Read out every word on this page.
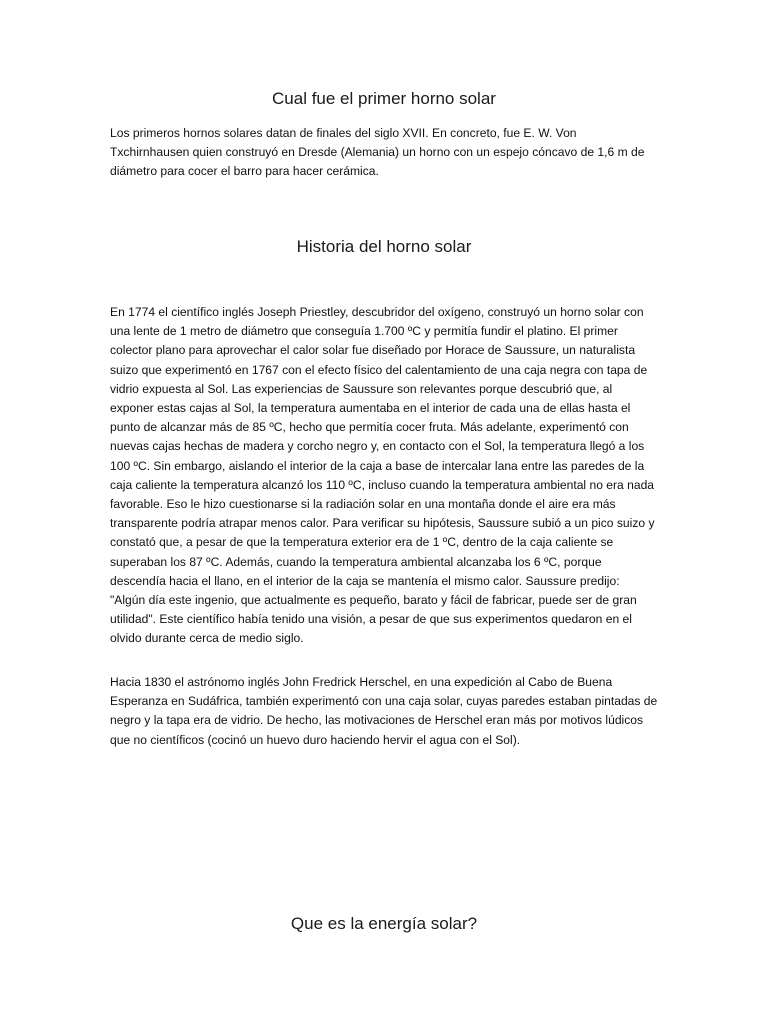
Cual fue el primer horno solar

Los primeros hornos solares datan de finales del siglo XVII. En concreto, fue E. W. Von Txchirnhausen quien construyó en Dresde (Alemania) un horno con un espejo cóncavo de 1,6 m de diámetro para cocer el barro para hacer cerámica.

Historia del horno solar

En 1774 el científico inglés Joseph Priestley, descubridor del oxígeno, construyó un horno solar con una lente de 1 metro de diámetro que conseguía 1.700 ºC y permitía fundir el platino. El primer colector plano para aprovechar el calor solar fue diseñado por Horace de Saussure, un naturalista suizo que experimentó en 1767 con el efecto físico del calentamiento de una caja negra con tapa de vidrio expuesta al Sol. Las experiencias de Saussure son relevantes porque descubrió que, al exponer estas cajas al Sol, la temperatura aumentaba en el interior de cada una de ellas hasta el punto de alcanzar más de 85 ºC, hecho que permitía cocer fruta. Más adelante, experimentó con nuevas cajas hechas de madera y corcho negro y, en contacto con el Sol, la temperatura llegó a los 100 ºC. Sin embargo, aislando el interior de la caja a base de intercalar lana entre las paredes de la caja caliente la temperatura alcanzó los 110 ºC, incluso cuando la temperatura ambiental no era nada favorable. Eso le hizo cuestionarse si la radiación solar en una montaña donde el aire era más transparente podría atrapar menos calor. Para verificar su hipótesis, Saussure subió a un pico suizo y constató que, a pesar de que la temperatura exterior era de 1 ºC, dentro de la caja caliente se superaban los 87 ºC. Además, cuando la temperatura ambiental alcanzaba los 6 ºC, porque descendía hacia el llano, en el interior de la caja se mantenía el mismo calor. Saussure predijo: "Algún día este ingenio, que actualmente es pequeño, barato y fácil de fabricar, puede ser de gran utilidad". Este científico había tenido una visión, a pesar de que sus experimentos quedaron en el olvido durante cerca de medio siglo.

Hacia 1830 el astrónomo inglés John Fredrick Herschel, en una expedición al Cabo de Buena Esperanza en Sudáfrica, también experimentó con una caja solar, cuyas paredes estaban pintadas de negro y la tapa era de vidrio. De hecho, las motivaciones de Herschel eran más por motivos lúdicos que no científicos (cocinó un huevo duro haciendo hervir el agua con el Sol).

Que es la energía solar?
